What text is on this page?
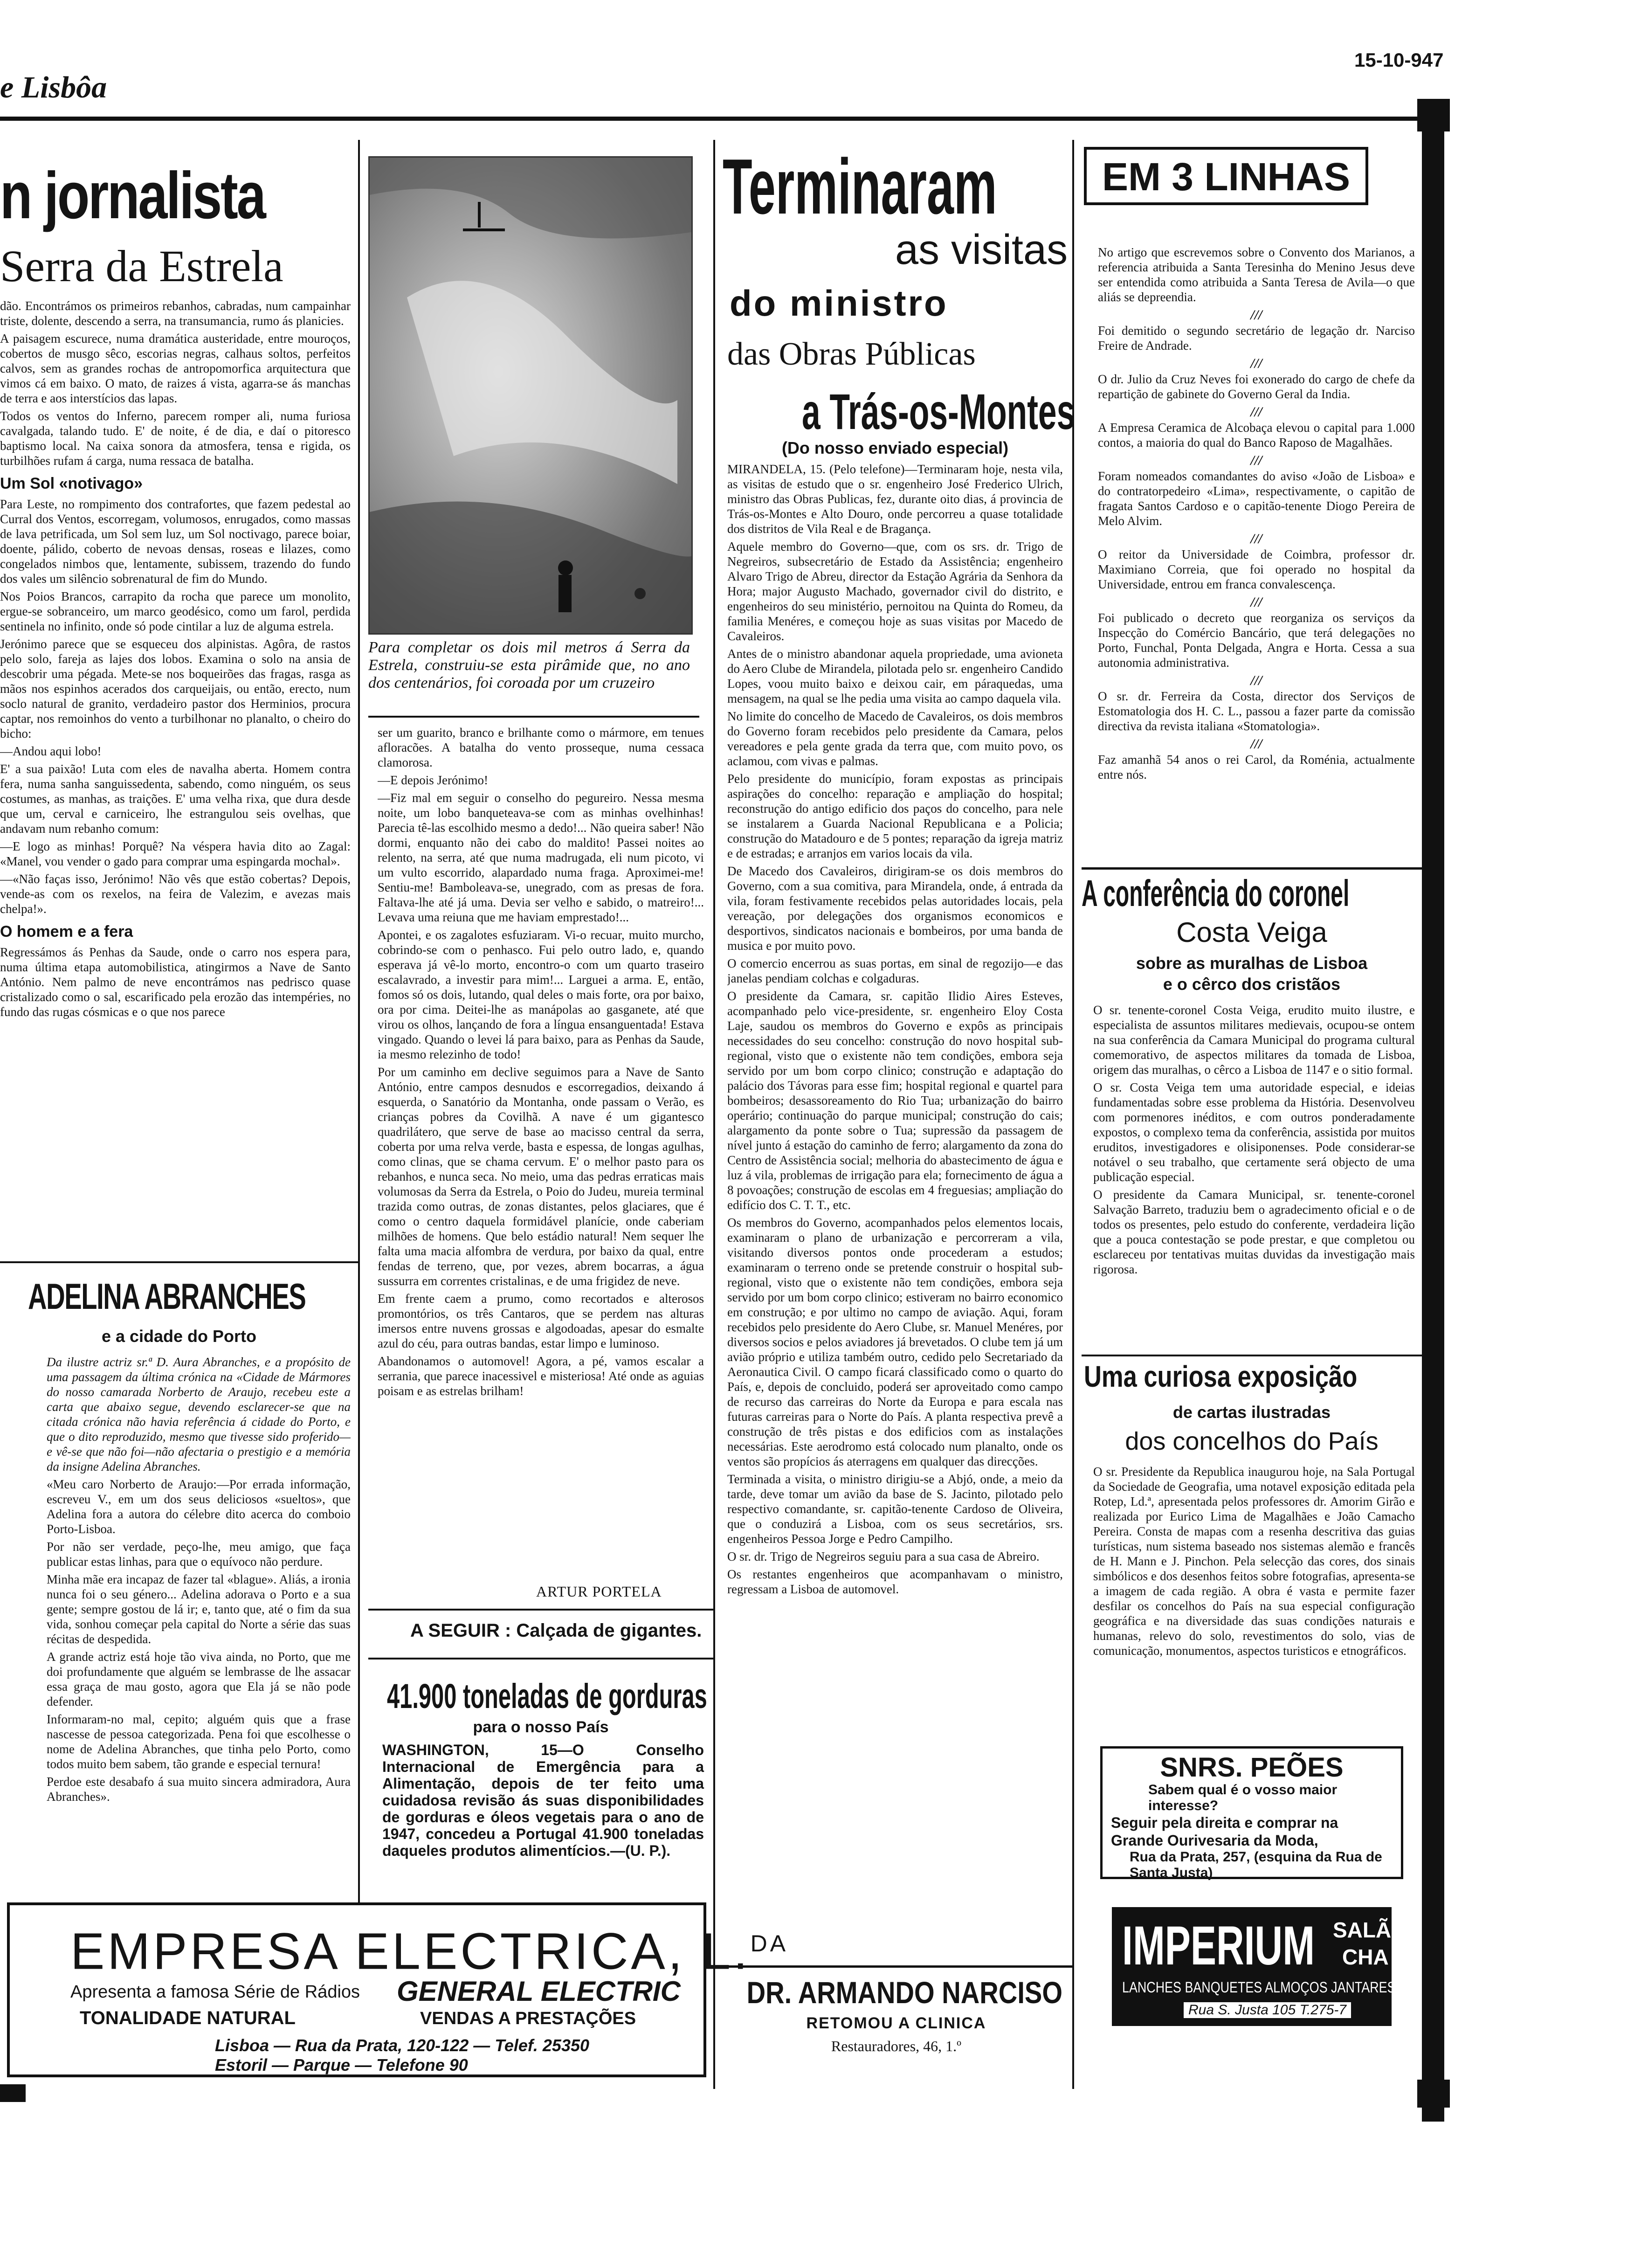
e Lisbôa
15-10-947
n jornalista
Serra da Estrela

dão. Encontrámos os primeiros rebanhos, cabradas, num campainhar triste, dolente, descendo a serra, na transumancia, rumo ás planicies.

A paisagem escurece, numa dramática austeridade, entre mouroços, cobertos de musgo sêco, escorias negras, calhaus soltos, perfeitos calvos, sem as grandes rochas de antropomorfica arquitectura que vimos cá em baixo. O mato, de raizes á vista, agarra-se ás manchas de terra e aos interstícios das lapas.

Todos os ventos do Inferno, parecem romper ali, numa furiosa cavalgada, talando tudo. E' de noite, é de dia, e daí o pitoresco baptismo local. Na caixa sonora da atmosfera, tensa e rigida, os turbilhões rufam á carga, numa ressaca de batalha.

Um Sol «notivago»

Para Leste, no rompimento dos contrafortes, que fazem pedestal ao Curral dos Ventos, escorregam, volumosos, enrugados, como massas de lava petrificada, um Sol sem luz, um Sol noctivago, parece boiar, doente, pálido, coberto de nevoas densas, roseas e lilazes, como congelados nimbos que, lentamente, subissem, trazendo do fundo dos vales um silêncio sobrenatural de fim do Mundo.

Nos Poios Brancos, carrapito da rocha que parece um monolito, ergue-se sobranceiro, um marco geodésico, como um farol, perdida sentinela no infinito, onde só pode cintilar a luz de alguma estrela.

Jerónimo parece que se esqueceu dos alpinistas. Agôra, de rastos pelo solo, fareja as lajes dos lobos. Examina o solo na ansia de descobrir uma pégada. Mete-se nos boqueirões das fragas, rasga as mãos nos espinhos acerados dos carqueijais, ou então, erecto, num soclo natural de granito, verdadeiro pastor dos Herminios, procura captar, nos remoinhos do vento a turbilhonar no planalto, o cheiro do bicho:

—Andou aqui lobo!

E' a sua paixão! Luta com eles de navalha aberta. Homem contra fera, numa sanha sanguissedenta, sabendo, como ninguém, os seus costumes, as manhas, as traições. E' uma velha rixa, que dura desde que um, cerval e carniceiro, lhe estrangulou seis ovelhas, que andavam num rebanho comum:

—E logo as minhas! Porquê? Na véspera havia dito ao Zagal: «Manel, vou vender o gado para comprar uma espingarda mochal».

—«Não faças isso, Jerónimo! Não vês que estão cobertas? Depois, vende-as com os rexelos, na feira de Valezim, e avezas mais chelpa!».

O homem e a fera

Regressámos ás Penhas da Saude, onde o carro nos espera para, numa última etapa automobilistica, atingirmos a Nave de Santo António. Nem palmo de neve encontrámos nas pedrisco quase cristalizado como o sal, escarificado pela erozão das intempéries, no fundo das rugas cósmicas e o que nos parece

ADELINA ABRANCHES
e a cidade do Porto

Da ilustre actriz sr.ª D. Aura Abranches, e a propósito de uma passagem da última crónica na «Cidade de Mármores do nosso camarada Norberto de Araujo, recebeu este a carta que abaixo segue, devendo esclarecer-se que na citada crónica não havia referência á cidade do Porto, e que o dito reproduzido, mesmo que tivesse sido proferido—e vê-se que não foi—não afectaria o prestigio e a memória da insigne Adelina Abranches.

«Meu caro Norberto de Araujo:—Por errada informação, escreveu V., em um dos seus deliciosos «sueltos», que Adelina fora a autora do célebre dito acerca do comboio Porto-Lisboa.

Por não ser verdade, peço-lhe, meu amigo, que faça publicar estas linhas, para que o equívoco não perdure.

Minha mãe era incapaz de fazer tal «blague». Aliás, a ironia nunca foi o seu género... Adelina adorava o Porto e a sua gente; sempre gostou de lá ir; e, tanto que, até o fim da sua vida, sonhou começar pela capital do Norte a série das suas récitas de despedida.

A grande actriz está hoje tão viva ainda, no Porto, que me doi profundamente que alguém se lembrasse de lhe assacar essa graça de mau gosto, agora que Ela já se não pode defender.

Informaram-no mal, cepito; alguém quis que a frase nascesse de pessoa categorizada. Pena foi que escolhesse o nome de Adelina Abranches, que tinha pelo Porto, como todos muito bem sabem, tão grande e especial ternura!

Perdoe este desabafo á sua muito sincera admiradora, Aura Abranches».

Para completar os dois mil metros á Serra da Estrela, construiu-se esta pirâmide que, no ano dos centenários, foi coroada por um cruzeiro

ser um guarito, branco e brilhante como o mármore, em tenues afloracões. A batalha do vento prosseque, numa cessaca clamorosa.

—E depois Jerónimo!

—Fiz mal em seguir o conselho do pegureiro. Nessa mesma noite, um lobo banqueteava-se com as minhas ovelhinhas! Parecia tê-las escolhido mesmo a dedo!... Não queira saber! Não dormi, enquanto não dei cabo do maldito! Passei noites ao relento, na serra, até que numa madrugada, eli num picoto, vi um vulto escorrido, alapardado numa fraga. Aproximei-me! Sentiu-me! Bamboleava-se, unegrado, com as presas de fora. Faltava-lhe até já uma. Devia ser velho e sabido, o matreiro!... Levava uma reiuna que me haviam emprestado!...

Apontei, e os zagalotes esfuziaram. Vi-o recuar, muito murcho, cobrindo-se com o penhasco. Fui pelo outro lado, e, quando esperava já vê-lo morto, encontro-o com um quarto traseiro escalavrado, a investir para mim!... Larguei a arma. E, então, fomos só os dois, lutando, qual deles o mais forte, ora por baixo, ora por cima. Deitei-lhe as manápolas ao gasganete, até que virou os olhos, lançando de fora a língua ensanguentada! Estava vingado. Quando o levei lá para baixo, para as Penhas da Saude, ia mesmo relezinho de todo!

Por um caminho em declive seguimos para a Nave de Santo António, entre campos desnudos e escorregadios, deixando á esquerda, o Sanatório da Montanha, onde passam o Verão, es crianças pobres da Covilhã. A nave é um gigantesco quadrilátero, que serve de base ao macisso central da serra, coberta por uma relva verde, basta e espessa, de longas agulhas, como clinas, que se chama cervum. E' o melhor pasto para os rebanhos, e nunca seca. No meio, uma das pedras erraticas mais volumosas da Serra da Estrela, o Poio do Judeu, mureia terminal trazida como outras, de zonas distantes, pelos glaciares, que é como o centro daquela formidável planície, onde caberiam milhões de homens. Que belo estádio natural! Nem sequer lhe falta uma macia alfombra de verdura, por baixo da qual, entre fendas de terreno, que, por vezes, abrem bocarras, a água sussurra em correntes cristalinas, e de uma frigidez de neve.

Em frente caem a prumo, como recortados e alterosos promontórios, os três Cantaros, que se perdem nas alturas imersos entre nuvens grossas e algodoadas, apesar do esmalte azul do céu, para outras bandas, estar limpo e luminoso.

Abandonamos o automovel! Agora, a pé, vamos escalar a serrania, que parece inacessivel e misteriosa! Até onde as aguias poisam e as estrelas brilham!

ARTUR PORTELA
A SEGUIR : Calçada de gigantes.
41.900 toneladas de gorduras
para o nosso País
WASHINGTON, 15—O Conselho Internacional de Emergência para a Alimentação, depois de ter feito uma cuidadosa revisão ás suas disponibilidades de gorduras e óleos vegetais para o ano de 1947, concedeu a Portugal 41.900 toneladas daqueles produtos alimentícios.—(U. P.).
Terminaram
as visitas
do ministro
das Obras Públicas
a Trás-os-Montes
(Do nosso enviado especial)

MIRANDELA, 15. (Pelo telefone)—Terminaram hoje, nesta vila, as visitas de estudo que o sr. engenheiro José Frederico Ulrich, ministro das Obras Publicas, fez, durante oito dias, á provincia de Trás-os-Montes e Alto Douro, onde percorreu a quase totalidade dos distritos de Vila Real e de Bragança.

Aquele membro do Governo—que, com os srs. dr. Trigo de Negreiros, subsecretário de Estado da Assistência; engenheiro Alvaro Trigo de Abreu, director da Estação Agrária da Senhora da Hora; major Augusto Machado, governador civil do distrito, e engenheiros do seu ministério, pernoitou na Quinta do Romeu, da familia Menéres, e começou hoje as suas visitas por Macedo de Cavaleiros.

Antes de o ministro abandonar aquela propriedade, uma avioneta do Aero Clube de Mirandela, pilotada pelo sr. engenheiro Candido Lopes, voou muito baixo e deixou cair, em páraquedas, uma mensagem, na qual se lhe pedia uma visita ao campo daquela vila.

No limite do concelho de Macedo de Cavaleiros, os dois membros do Governo foram recebidos pelo presidente da Camara, pelos vereadores e pela gente grada da terra que, com muito povo, os aclamou, com vivas e palmas.

Pelo presidente do município, foram expostas as principais aspirações do concelho: reparação e ampliação do hospital; reconstrução do antigo edificio dos paços do concelho, para nele se instalarem a Guarda Nacional Republicana e a Policia; construção do Matadouro e de 5 pontes; reparação da igreja matriz e de estradas; e arranjos em varios locais da vila.

De Macedo dos Cavaleiros, dirigiram-se os dois membros do Governo, com a sua comitiva, para Mirandela, onde, á entrada da vila, foram festivamente recebidos pelas autoridades locais, pela vereação, por delegações dos organismos economicos e desportivos, sindicatos nacionais e bombeiros, por uma banda de musica e por muito povo.

O comercio encerrou as suas portas, em sinal de regozijo—e das janelas pendiam colchas e colgaduras.

O presidente da Camara, sr. capitão Ilidio Aires Esteves, acompanhado pelo vice-presidente, sr. engenheiro Eloy Costa Laje, saudou os membros do Governo e expôs as principais necessidades do seu concelho: construção do novo hospital sub-regional, visto que o existente não tem condições, embora seja servido por um bom corpo clinico; construção e adaptação do palácio dos Távoras para esse fim; hospital regional e quartel para bombeiros; desassoreamento do Rio Tua; urbanização do bairro operário; continuação do parque municipal; construção do cais; alargamento da ponte sobre o Tua; supressão da passagem de nível junto á estação do caminho de ferro; alargamento da zona do Centro de Assistência social; melhoria do abastecimento de água e luz á vila, problemas de irrigação para ela; fornecimento de água a 8 povoações; construção de escolas em 4 freguesias; ampliação do edifício dos C. T. T., etc.

Os membros do Governo, acompanhados pelos elementos locais, examinaram o plano de urbanização e percorreram a vila, visitando diversos pontos onde procederam a estudos; examinaram o terreno onde se pretende construir o hospital sub-regional, visto que o existente não tem condições, embora seja servido por um bom corpo clinico; estiveram no bairro economico em construção; e por ultimo no campo de aviação. Aqui, foram recebidos pelo presidente do Aero Clube, sr. Manuel Menéres, por diversos socios e pelos aviadores já brevetados. O clube tem já um avião próprio e utiliza também outro, cedido pelo Secretariado da Aeronautica Civil. O campo ficará classificado como o quarto do País, e, depois de concluido, poderá ser aproveitado como campo de recurso das carreiras do Norte da Europa e para escala nas futuras carreiras para o Norte do País. A planta respectiva prevê a construção de três pistas e dos edificios com as instalações necessárias. Este aerodromo está colocado num planalto, onde os ventos são propícios ás aterragens em qualquer das direcções.

Terminada a visita, o ministro dirigiu-se a Abjó, onde, a meio da tarde, deve tomar um avião da base de S. Jacinto, pilotado pelo respectivo comandante, sr. capitão-tenente Cardoso de Oliveira, que o conduzirá a Lisboa, com os seus secretários, srs. engenheiros Pessoa Jorge e Pedro Campilho.

O sr. dr. Trigo de Negreiros seguiu para a sua casa de Abreiro.

Os restantes engenheiros que acompanhavam o ministro, regressam a Lisboa de automovel.

DR. ARMANDO NARCISO
RETOMOU A CLINICA
Restauradores, 46, 1.º
EM 3 LINHAS

No artigo que escrevemos sobre o Convento dos Marianos, a referencia atribuida a Santa Teresinha do Menino Jesus deve ser entendida como atribuida a Santa Teresa de Avila—o que aliás se depreendia.

///

Foi demitido o segundo secretário de legação dr. Narciso Freire de Andrade.

///

O dr. Julio da Cruz Neves foi exonerado do cargo de chefe da repartição de gabinete do Governo Geral da India.

///

A Empresa Ceramica de Alcobaça elevou o capital para 1.000 contos, a maioria do qual do Banco Raposo de Magalhães.

///

Foram nomeados comandantes do aviso «João de Lisboa» e do contratorpedeiro «Lima», respectivamente, o capitão de fragata Santos Cardoso e o capitão-tenente Diogo Pereira de Melo Alvim.

///

O reitor da Universidade de Coimbra, professor dr. Maximiano Correia, que foi operado no hospital da Universidade, entrou em franca convalescença.

///

Foi publicado o decreto que reorganiza os serviços da Inspecção do Comércio Bancário, que terá delegações no Porto, Funchal, Ponta Delgada, Angra e Horta. Cessa a sua autonomia administrativa.

///

O sr. dr. Ferreira da Costa, director dos Serviços de Estomatologia dos H. C. L., passou a fazer parte da comissão directiva da revista italiana «Stomatologia».

///

Faz amanhã 54 anos o rei Carol, da Roménia, actualmente entre nós.

A conferência do coronel
Costa Veiga
sobre as muralhas de Lisboa
e o cêrco dos cristãos

O sr. tenente-coronel Costa Veiga, erudito muito ilustre, e especialista de assuntos militares medievais, ocupou-se ontem na sua conferência da Camara Municipal do programa cultural comemorativo, de aspectos militares da tomada de Lisboa, origem das muralhas, o cêrco a Lisboa de 1147 e o sitio formal.

O sr. Costa Veiga tem uma autoridade especial, e ideias fundamentadas sobre esse problema da História. Desenvolveu com pormenores inéditos, e com outros ponderadamente expostos, o complexo tema da conferência, assistida por muitos eruditos, investigadores e olisiponenses. Pode considerar-se notável o seu trabalho, que certamente será objecto de uma publicação especial.

O presidente da Camara Municipal, sr. tenente-coronel Salvação Barreto, traduziu bem o agradecimento oficial e o de todos os presentes, pelo estudo do conferente, verdadeira lição que a pouca contestação se pode prestar, e que completou ou esclareceu por tentativas muitas duvidas da investigação mais rigorosa.

Uma curiosa exposição
de cartas ilustradas
dos concelhos do País

O sr. Presidente da Republica inaugurou hoje, na Sala Portugal da Sociedade de Geografia, uma notavel exposição editada pela Rotep, Ld.ª, apresentada pelos professores dr. Amorim Girão e realizada por Eurico Lima de Magalhães e João Camacho Pereira. Consta de mapas com a resenha descritiva das guias turísticas, num sistema baseado nos sistemas alemão e francês de H. Mann e J. Pinchon. Pela selecção das cores, dos sinais simbólicos e dos desenhos feitos sobre fotografias, apresenta-se a imagem de cada região. A obra é vasta e permite fazer desfilar os concelhos do País na sua especial configuração geográfica e na diversidade das suas condições naturais e humanas, relevo do solo, revestimentos do solo, vias de comunicação, monumentos, aspectos turisticos e etnográficos.

SNRS. PEÕES
Sabem qual é o vosso maior interesse?
Seguir pela direita e comprar na
Grande Ourivesaria da Moda,
Rua da Prata, 257, (esquina da Rua de Santa Justa)
IMPERIUM SALÃO
CHA
LANCHES BANQUETES ALMOÇOS JANTARES
Rua S. Justa 105 T.275-7
EMPRESA ELECTRICA, L.$^{DA}$
Apresenta a famosa Série de Rádios GENERAL ELECTRIC
TONALIDADE NATURAL	VENDAS A PRESTAÇÕES
Lisboa — Rua da Prata, 120-122 — Telef. 25350
Estoril — Parque — Telefone 90
